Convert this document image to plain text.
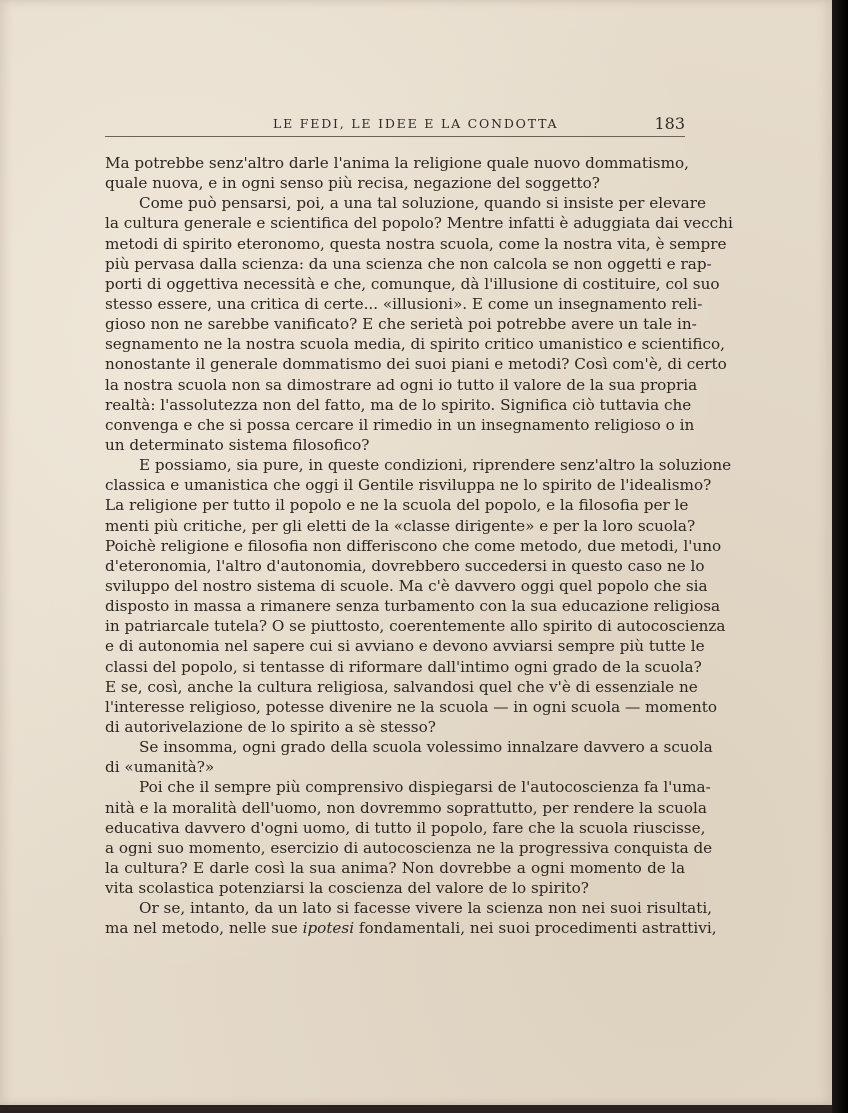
LE FEDI, LE IDEE E LA CONDOTTA	183
Ma potrebbe senz'altro darle l'anima la religione quale nuovo dommatismo,
quale nuova, e in ogni senso più recisa, negazione del soggetto?
Come può pensarsi, poi, a una tal soluzione, quando si insiste per elevare
la cultura generale e scientifica del popolo? Mentre infatti è aduggiata dai vecchi
metodi di spirito eteronomo, questa nostra scuola, come la nostra vita, è sempre
più pervasa dalla scienza: da una scienza che non calcola se non oggetti e rap-
porti di oggettiva necessità e che, comunque, dà l'illusione di costituire, col suo
stesso essere, una critica di certe... «illusioni». E come un insegnamento reli-
gioso non ne sarebbe vanificato? E che serietà poi potrebbe avere un tale in-
segnamento ne la nostra scuola media, di spirito critico umanistico e scientifico,
nonostante il generale dommatismo dei suoi piani e metodi? Così com'è, di certo
la nostra scuola non sa dimostrare ad ogni io tutto il valore de la sua propria
realtà: l'assolutezza non del fatto, ma de lo spirito. Significa ciò tuttavia che
convenga e che si possa cercare il rimedio in un insegnamento religioso o in
un determinato sistema filosofico?
E possiamo, sia pure, in queste condizioni, riprendere senz'altro la soluzione
classica e umanistica che oggi il Gentile risviluppa ne lo spirito de l'idealismo?
La religione per tutto il popolo e ne la scuola del popolo, e la filosofia per le
menti più critiche, per gli eletti de la «classe dirigente» e per la loro scuola?
Poichè religione e filosofia non differiscono che come metodo, due metodi, l'uno
d'eteronomia, l'altro d'autonomia, dovrebbero succedersi in questo caso ne lo
sviluppo del nostro sistema di scuole. Ma c'è davvero oggi quel popolo che sia
disposto in massa a rimanere senza turbamento con la sua educazione religiosa
in patriarcale tutela? O se piuttosto, coerentemente allo spirito di autocoscienza
e di autonomia nel sapere cui si avviano e devono avviarsi sempre più tutte le
classi del popolo, si tentasse di riformare dall'intimo ogni grado de la scuola?
E se, così, anche la cultura religiosa, salvandosi quel che v'è di essenziale ne
l'interesse religioso, potesse divenire ne la scuola — in ogni scuola — momento
di autorivelazione de lo spirito a sè stesso?
Se insomma, ogni grado della scuola volessimo innalzare davvero a scuola
di «umanità?»
Poi che il sempre più comprensivo dispiegarsi de l'autocoscienza fa l'uma-
nità e la moralità dell'uomo, non dovremmo soprattutto, per rendere la scuola
educativa davvero d'ogni uomo, di tutto il popolo, fare che la scuola riuscisse,
a ogni suo momento, esercizio di autocoscienza ne la progressiva conquista de
la cultura? E darle così la sua anima? Non dovrebbe a ogni momento de la
vita scolastica potenziarsi la coscienza del valore de lo spirito?
Or se, intanto, da un lato si facesse vivere la scienza non nei suoi risultati,
ma nel metodo, nelle sue ipotesi fondamentali, nei suoi procedimenti astrattivi,
